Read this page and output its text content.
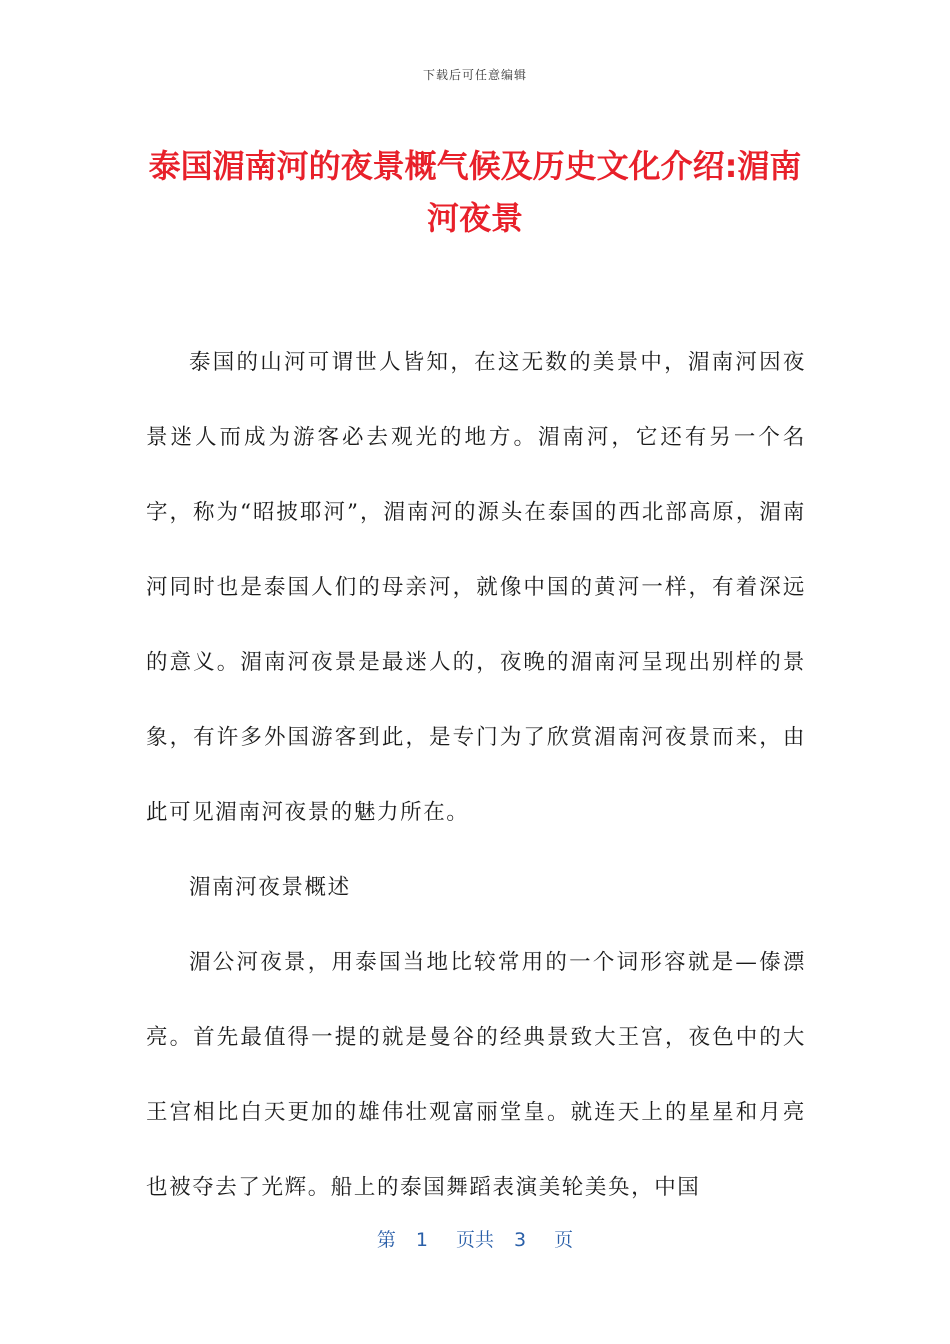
下载后可任意编辑
泰国湄南河的夜景概气候及历史文化介绍:湄南河夜景

泰国的山河可谓世人皆知，在这无数的美景中，湄南河因夜景迷人而成为游客必去观光的地方。湄南河，它还有另一个名字，称为“昭披耶河”，湄南河的源头在泰国的西北部高原，湄南河同时也是泰国人们的母亲河，就像中国的黄河一样，有着深远的意义。湄南河夜景是最迷人的，夜晚的湄南河呈现出别样的景象，有许多外国游客到此，是专门为了欣赏湄南河夜景而来，由此可见湄南河夜景的魅力所在。

湄南河夜景概述

湄公河夜景，用泰国当地比较常用的一个词形容就是—傣漂亮。首先最值得一提的就是曼谷的经典景致大王宫，夜色中的大王宫相比白天更加的雄伟壮观富丽堂皇。就连天上的星星和月亮也被夺去了光辉。船上的泰国舞蹈表演美轮美奂，中国

第 1 页共 3 页
